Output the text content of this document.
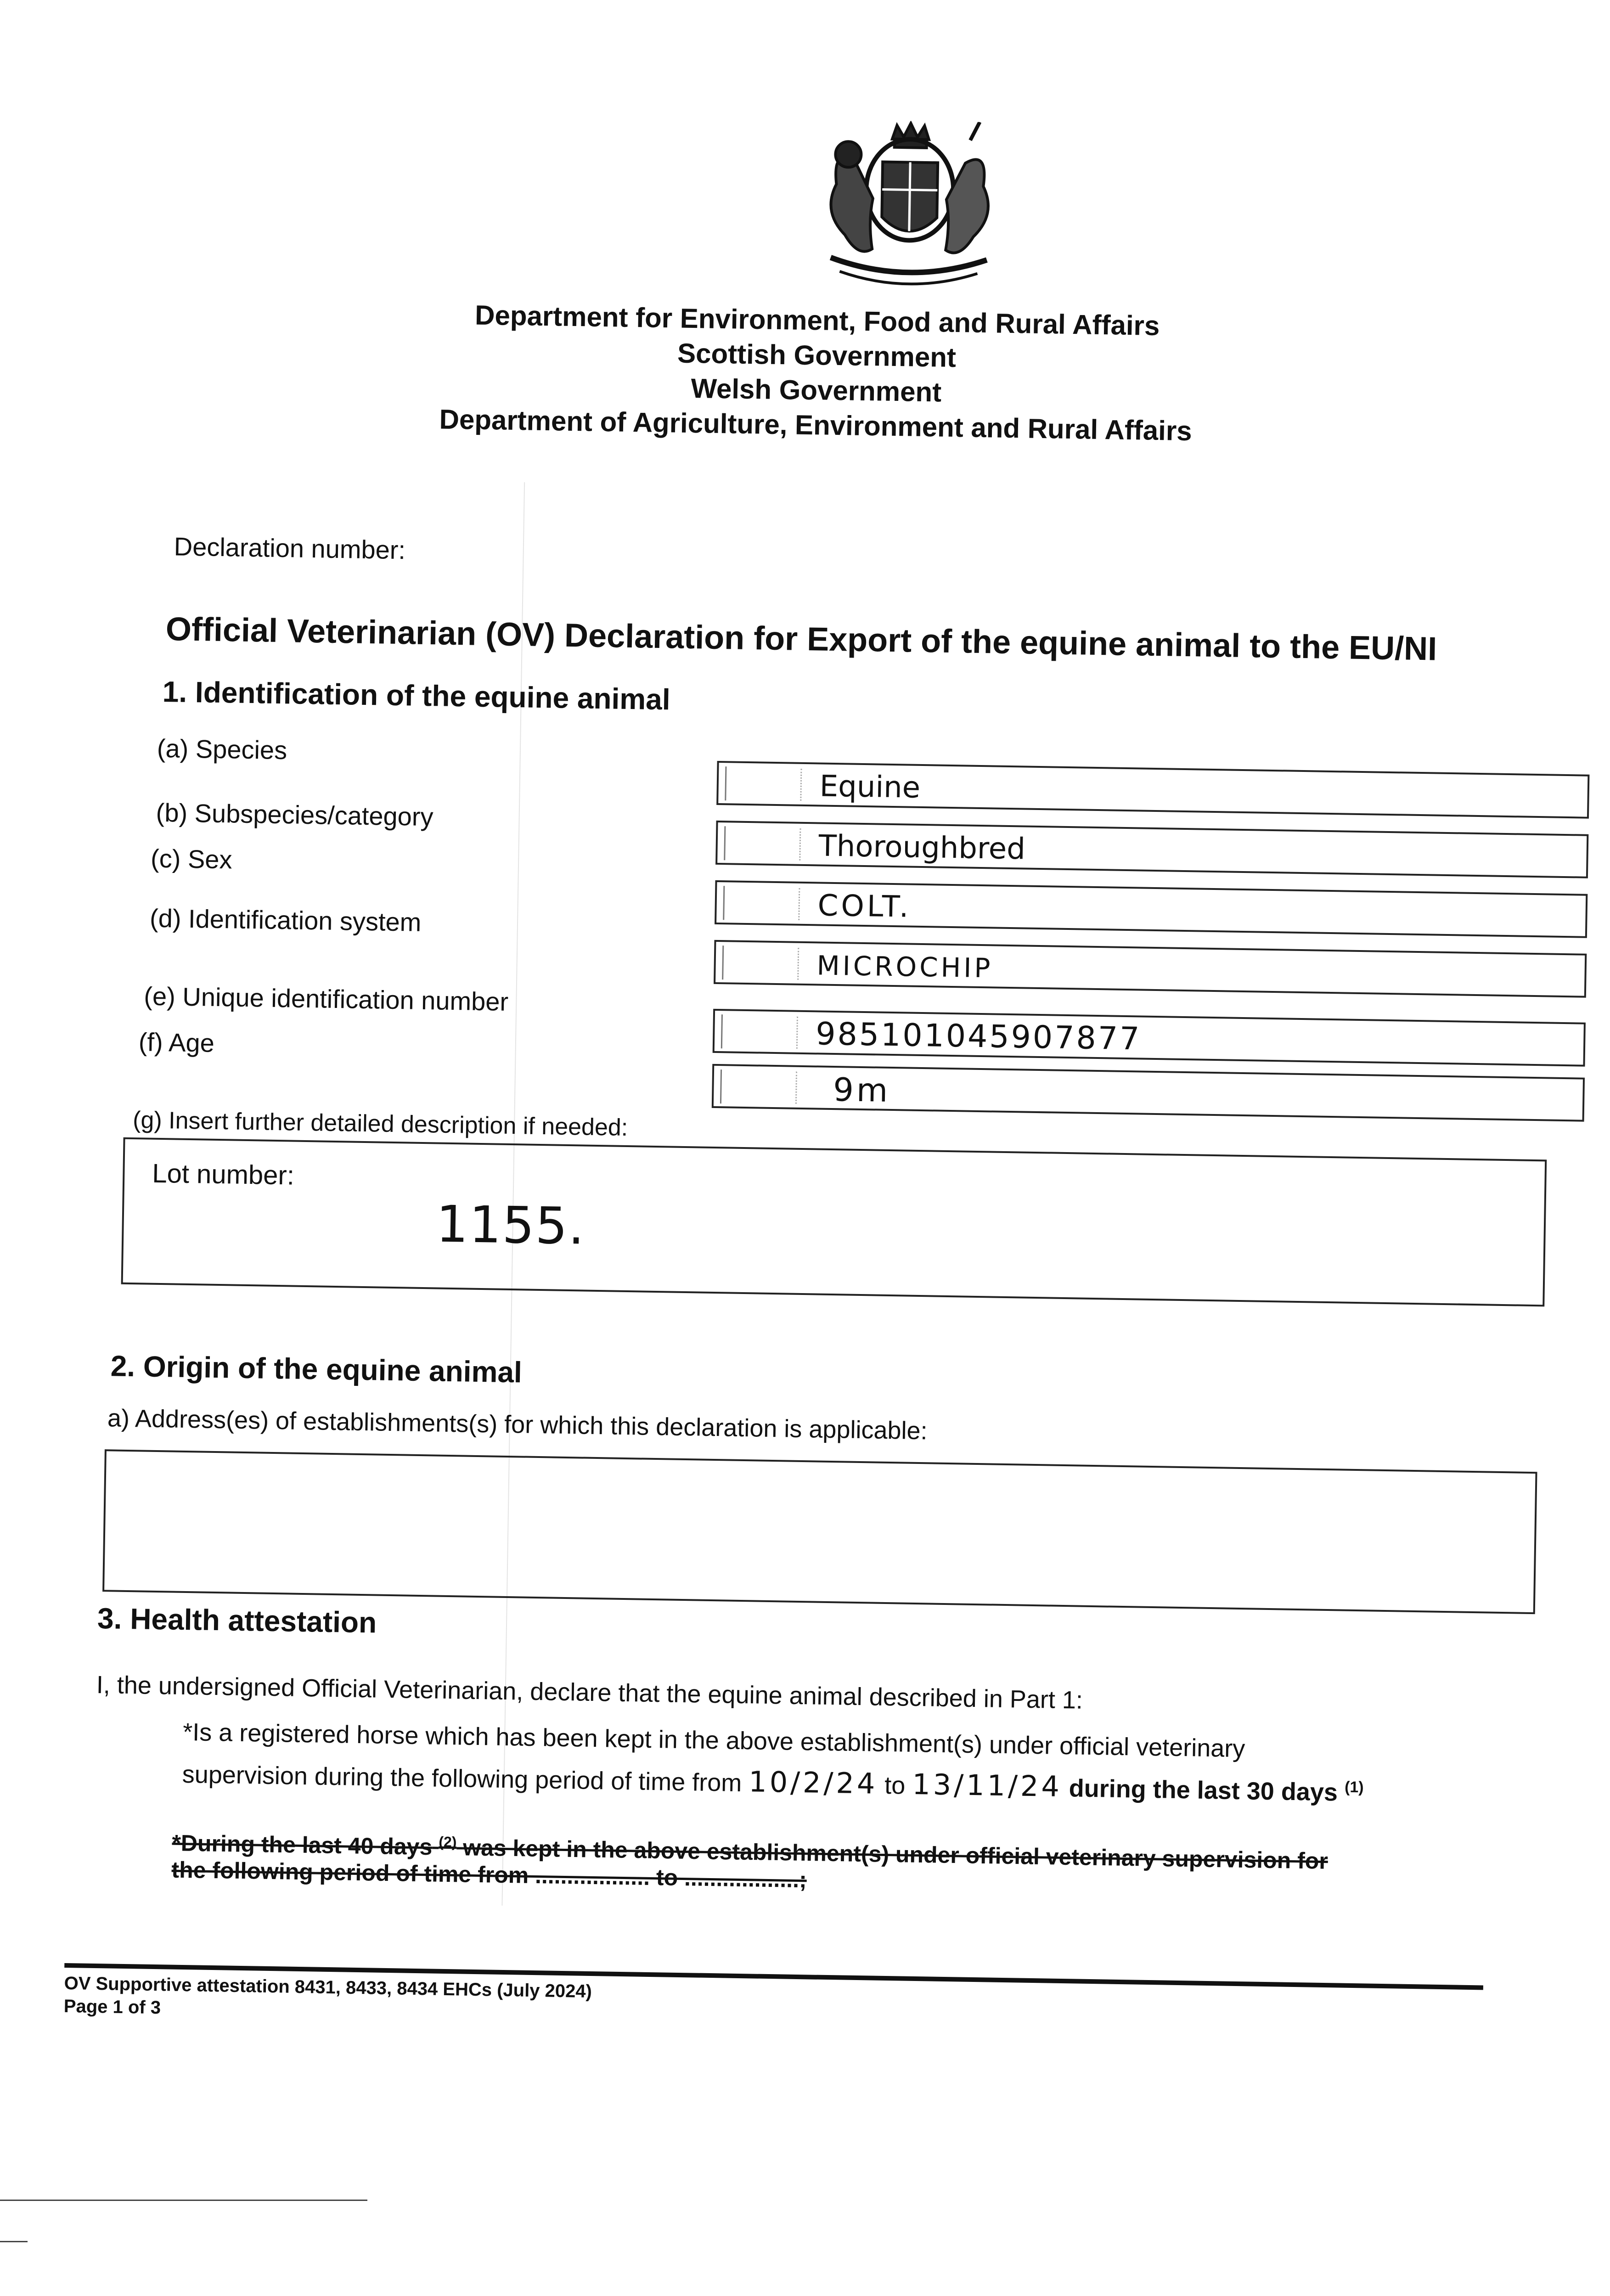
Department for Environment, Food and Rural Affairs
Scottish Government
Welsh Government
Department of Agriculture, Environment and Rural Affairs
Declaration number:
Official Veterinarian (OV) Declaration for Export of the equine animal to the EU/NI
1. Identification of the equine animal
(a) Species
(b) Subspecies/category
(c) Sex
(d) Identification system
(e) Unique identification number
(f) Age
Equine
Thoroughbred
COLT.
MICROCHIP
985101045907877
9m
(g) Insert further detailed description if needed:
Lot number:
1155.
2. Origin of the equine animal
a) Address(es) of establishments(s) for which this declaration is applicable:
3. Health attestation
I, the undersigned Official Veterinarian, declare that the equine animal described in Part 1:
*Is a registered horse which has been kept in the above establishment(s) under official veterinary
supervision during the following period of time from 10/2/24 to 13/11/24 during the last 30 days $^{(1)}$
*During the last 40 days $^{(2)}$ was kept in the above establishment(s) under official veterinary supervision for
the following period of time from .................. to ..................;
OV Supportive attestation 8431, 8433, 8434 EHCs (July 2024)
Page 1 of 3
